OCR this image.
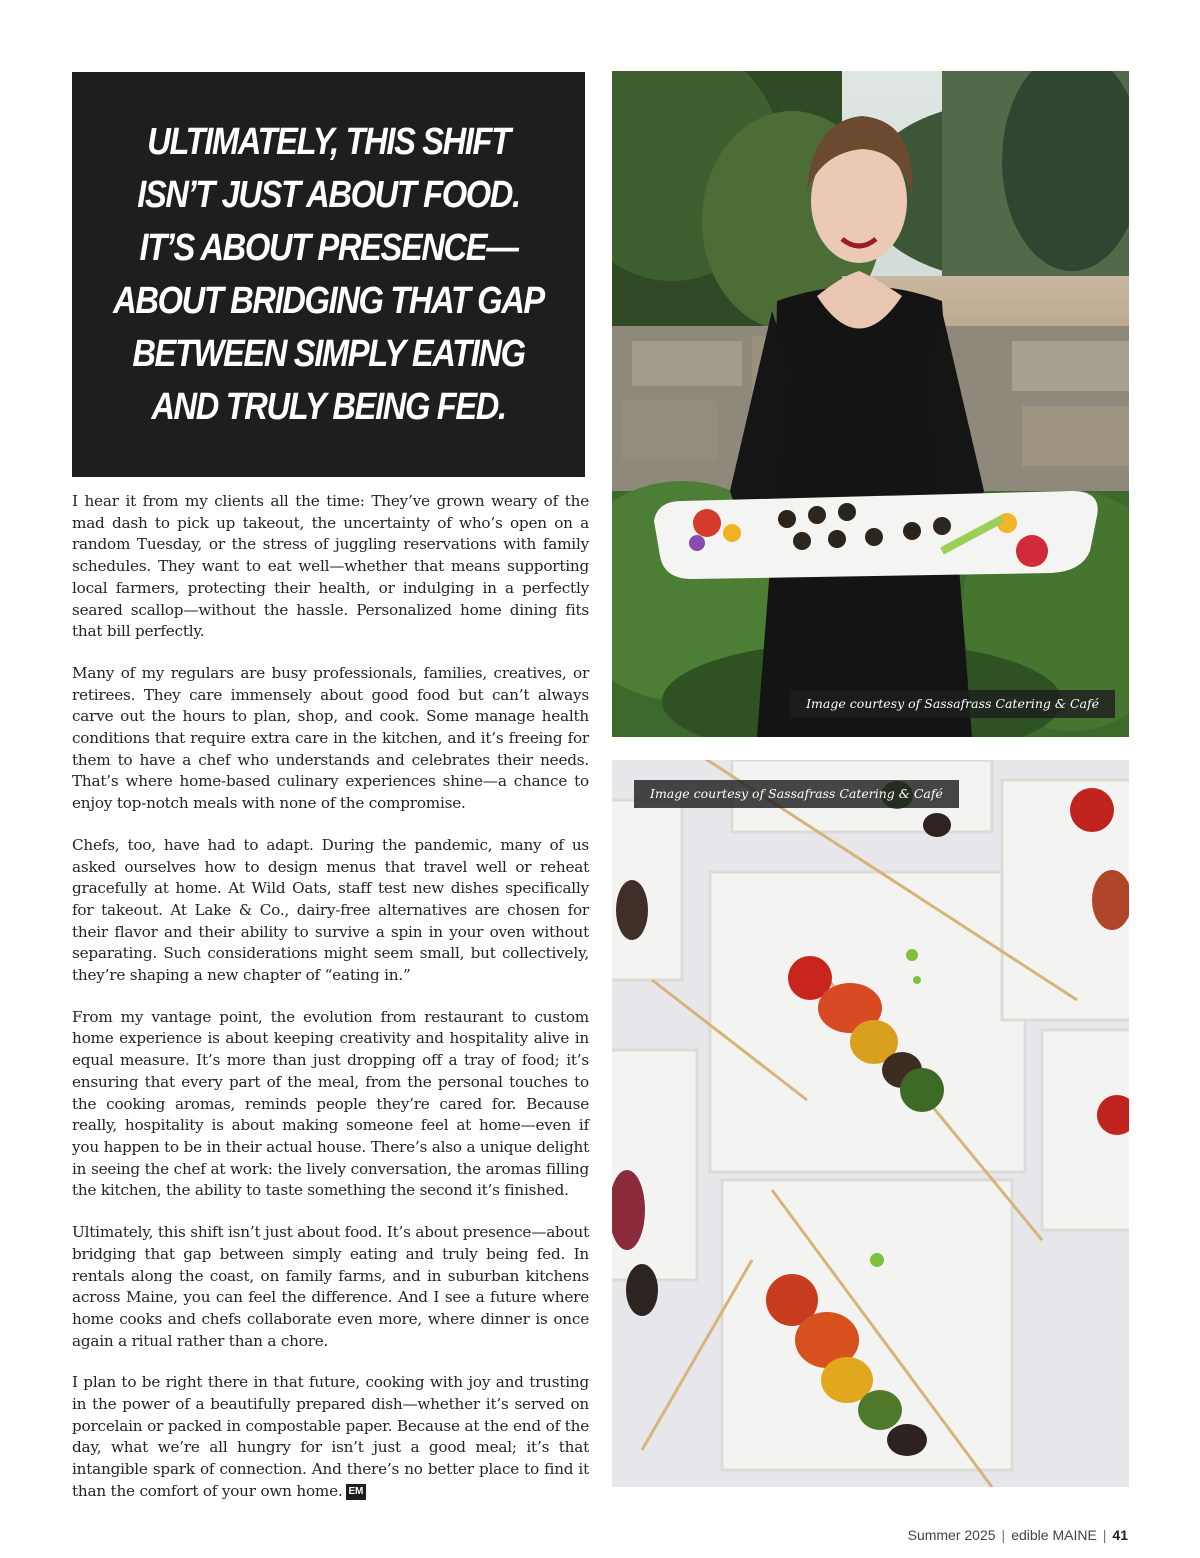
ULTIMATELY, THIS SHIFT
ISN’T JUST ABOUT FOOD.
IT’S ABOUT PRESENCE—
ABOUT BRIDGING THAT GAP
BETWEEN SIMPLY EATING
AND TRULY BEING FED.

I hear it from my clients all the time: They’ve grown weary of the mad dash to pick up takeout, the uncertainty of who’s open on a random Tuesday, or the stress of juggling reservations with family schedules. They want to eat well—whether that means supporting local farmers, protecting their health, or indulging in a perfectly seared scallop—without the hassle. Personalized home dining fits that bill perfectly.

Many of my regulars are busy professionals, families, creatives, or retirees. They care immensely about good food but can’t always carve out the hours to plan, shop, and cook. Some manage health conditions that require extra care in the kitchen, and it’s freeing for them to have a chef who understands and celebrates their needs. That’s where home-based culinary experiences shine—a chance to enjoy top-notch meals with none of the compromise.

Chefs, too, have had to adapt. During the pandemic, many of us asked ourselves how to design menus that travel well or reheat gracefully at home. At Wild Oats, staff test new dishes specifically for takeout. At Lake & Co., dairy-free alternatives are chosen for their flavor and their ability to survive a spin in your oven without separating. Such considerations might seem small, but collectively, they’re shaping a new chapter of “eating in.”

From my vantage point, the evolution from restaurant to custom home experience is about keeping creativity and hospitality alive in equal measure. It’s more than just dropping off a tray of food; it’s ensuring that every part of the meal, from the personal touches to the cooking aromas, reminds people they’re cared for. Because really, hospitality is about making someone feel at home—even if you happen to be in their actual house. There’s also a unique delight in seeing the chef at work: the lively conversation, the aromas filling the kitchen, the ability to taste something the second it’s finished.

Ultimately, this shift isn’t just about food. It’s about presence—about bridging that gap between simply eating and truly being fed. In rentals along the coast, on family farms, and in suburban kitchens across Maine, you can feel the difference. And I see a future where home cooks and chefs collaborate even more, where dinner is once again a ritual rather than a chore.

I plan to be right there in that future, cooking with joy and trusting in the power of a beautifully prepared dish—whether it’s served on porcelain or packed in compostable paper. Because at the end of the day, what we’re all hungry for isn’t just a good meal; it’s that intangible spark of connection. And there’s no better place to find it than the comfort of your own home. EM

Image courtesy of Sassafrass Catering & Café
Image courtesy of Sassafrass Catering & Café
Summer 2025 | edible MAINE | 41
